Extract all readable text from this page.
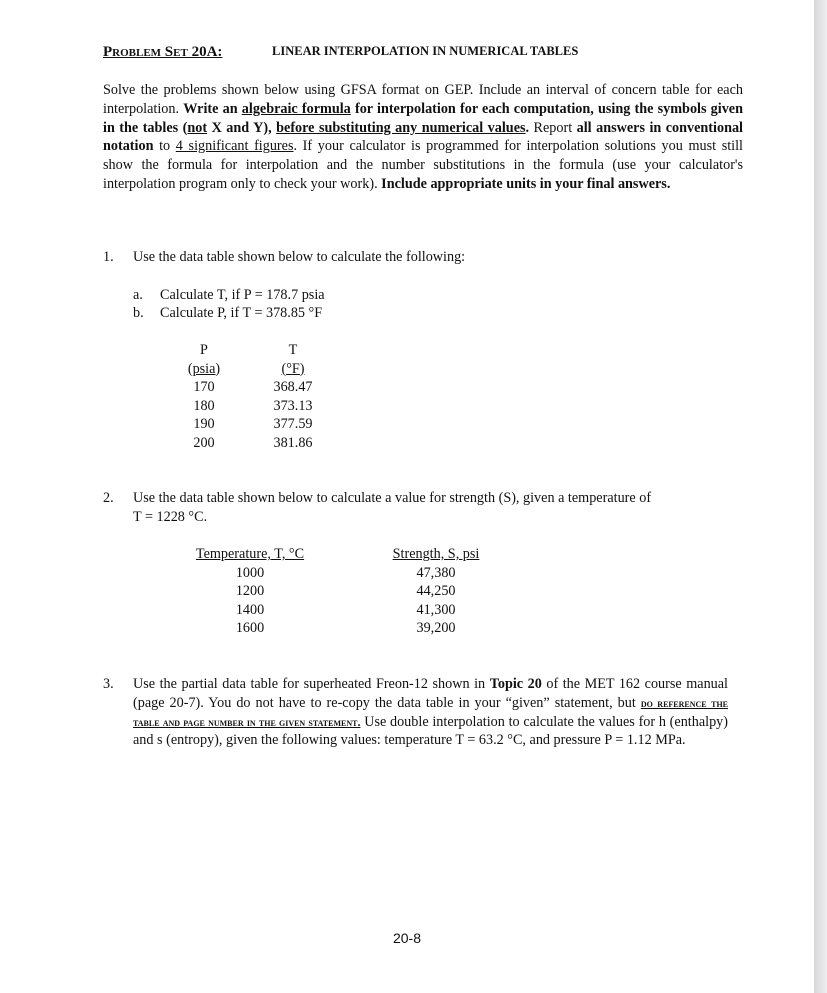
Problem Set 20A:	LINEAR INTERPOLATION IN NUMERICAL TABLES
Solve the problems shown below using GFSA format on GEP. Include an interval of concern table for each interpolation. Write an algebraic formula for interpolation for each computation, using the symbols given in the tables (not X and Y), before substituting any numerical values. Report all answers in conventional notation to 4 significant figures. If your calculator is programmed for interpolation solutions you must still show the formula for interpolation and the number substitutions in the formula (use your calculator's interpolation program only to check your work). Include appropriate units in your final answers.
1. Use the data table shown below to calculate the following:
a. Calculate T, if P = 178.7 psia
b. Calculate P, if T = 378.85 °F
P
(psia)
170
180
190
200
T
(°F)
368.47
373.13
377.59
381.86
2. Use the data table shown below to calculate a value for strength (S), given a temperature of
T = 1228 °C.
Temperature, T, °C
1000
1200
1400
1600
Strength, S, psi
47,380
44,250
41,300
39,200
3. Use the partial data table for superheated Freon-12 shown in Topic 20 of the MET 162 course manual (page 20-7). You do not have to re-copy the data table in your “given” statement, but do reference the table and page number in the given statement. Use double interpolation to calculate the values for h (enthalpy) and s (entropy), given the following values: temperature T = 63.2 °C, and pressure P = 1.12 MPa.
20-8
